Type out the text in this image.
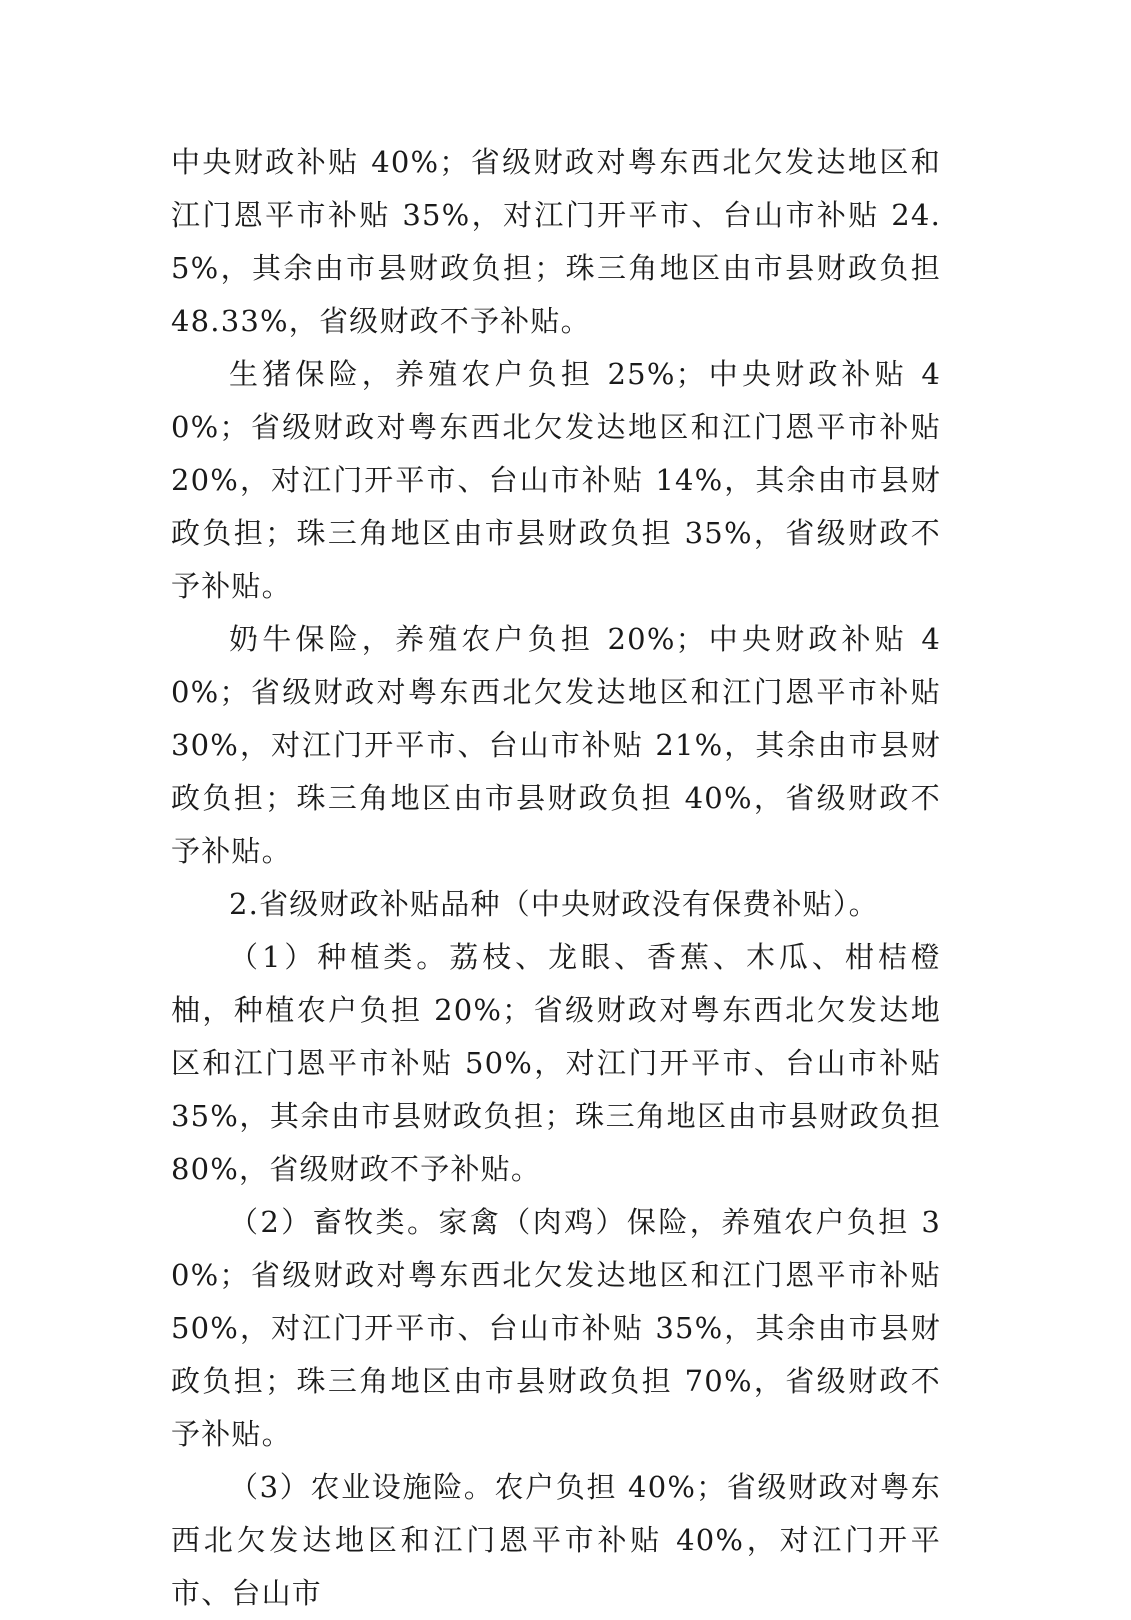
中央财政补贴 40%；省级财政对粤东西北欠发达地区和江门恩平市补贴 35%，对江门开平市、台山市补贴 24.5%，其余由市县财政负担；珠三角地区由市县财政负担 48.33%，省级财政不予补贴。

生猪保险，养殖农户负担 25%；中央财政补贴 40%；省级财政对粤东西北欠发达地区和江门恩平市补贴 20%，对江门开平市、台山市补贴 14%，其余由市县财政负担；珠三角地区由市县财政负担 35%，省级财政不予补贴。

奶牛保险，养殖农户负担 20%；中央财政补贴 40%；省级财政对粤东西北欠发达地区和江门恩平市补贴 30%，对江门开平市、台山市补贴 21%，其余由市县财政负担；珠三角地区由市县财政负担 40%，省级财政不予补贴。

2.省级财政补贴品种（中央财政没有保费补贴）。

（1）种植类。荔枝、龙眼、香蕉、木瓜、柑桔橙柚，种植农户负担 20%；省级财政对粤东西北欠发达地区和江门恩平市补贴 50%，对江门开平市、台山市补贴 35%，其余由市县财政负担；珠三角地区由市县财政负担 80%，省级财政不予补贴。

（2）畜牧类。家禽（肉鸡）保险，养殖农户负担 30%；省级财政对粤东西北欠发达地区和江门恩平市补贴 50%，对江门开平市、台山市补贴 35%，其余由市县财政负担；珠三角地区由市县财政负担 70%，省级财政不予补贴。

（3）农业设施险。农户负担 40%；省级财政对粤东西北欠发达地区和江门恩平市补贴 40%，对江门开平市、台山市
